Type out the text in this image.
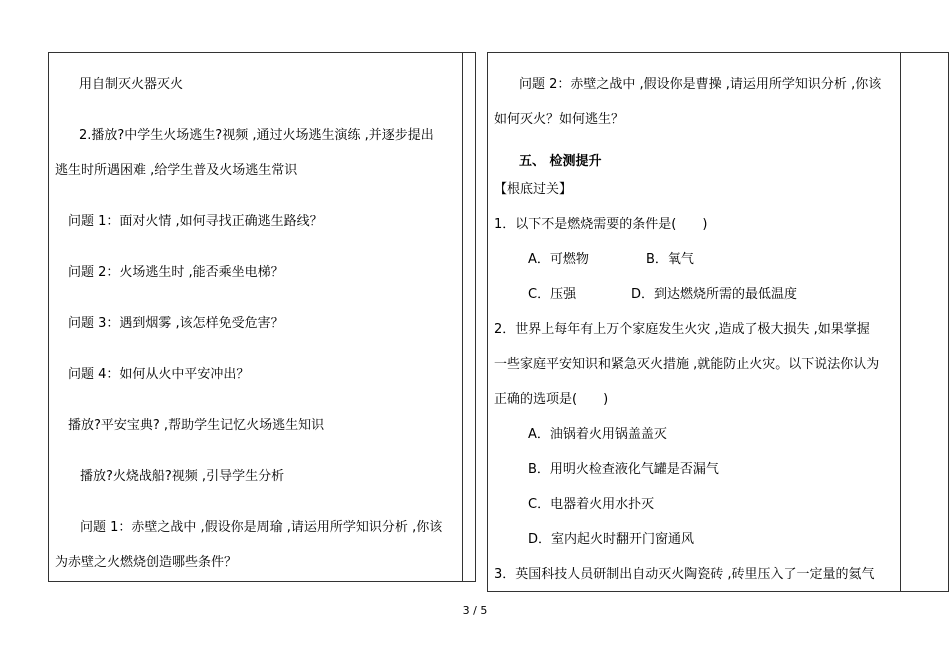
用自制灭火器灭火
2.播放?中学生火场逃生?视频 ,通过火场逃生演练 ,并逐步提出
逃生时所遇困难 ,给学生普及火场逃生常识
问题 1：面对火情 ,如何寻找正确逃生路线？
问题 2：火场逃生时 ,能否乘坐电梯？
问题 3：遇到烟雾 ,该怎样免受危害？
问题 4：如何从火中平安冲出？
播放?平安宝典? ,帮助学生记忆火场逃生知识
播放?火烧战船?视频 ,引导学生分析
问题 1：赤壁之战中 ,假设你是周瑜 ,请运用所学知识分析 ,你该
为赤壁之火燃烧创造哪些条件？
问题 2：赤壁之战中 ,假设你是曹操 ,请运用所学知识分析 ,你该
如何灭火？如何逃生？
五、 检测提升
【根底过关】
1．以下不是燃烧需要的条件是(　　)
A．可燃物	B．氧气
C．压强	D．到达燃烧所需的最低温度
2．世界上每年有上万个家庭发生火灾 ,造成了极大损失 ,如果掌握
一些家庭平安知识和紧急灭火措施 ,就能防止火灾。以下说法你认为
正确的选项是(　　)
A．油锅着火用锅盖盖灭
B．用明火检查液化气罐是否漏气
C．电器着火用水扑灭
D．室内起火时翻开门窗通风
3．英国科技人员研制出自动灭火陶瓷砖 ,砖里压入了一定量的氦气
3 / 5
